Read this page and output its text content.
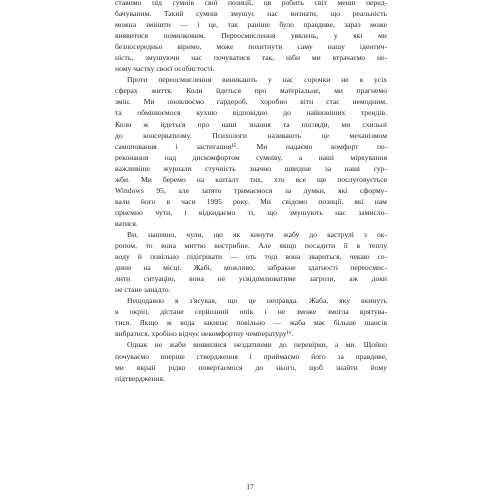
ставимо під сумнів свої позиції, ця робить світ менш перед-
бачуваним. Такий сумнів змушує нас визнати, що реальність
можна змінити — і це, так раніше було правдиве, зараз може
виявитися помилковим. Переосмислення уявлень, у які ми
безпосередньо віримо, може похитнути саму нашу ідентич-
ність, змушуючи нас почуватися так, ніби ми втрачаємо не-
ному частку своєї особистості.
Проти переосмислення виникають у нас сорочки не в усіх
сферах життя. Коли йдеться про матеріальне, ми прагнемо
змін. Ми оновлюємо гардероб, хоробно вітн стає немодним,
та обмінюємося кухню відповідно до найновіших трендів.
Коли ж йдеться про наші знання та погляди, ми схильні
до консерватизму. Психологи називають це механізмом
самоповання і застигання¹⁵. Ми надаємо комфорт пе-
реконання над дискомфортом сумніву, а наші міркування
важливіше журнали стучність значно швидше за наші сур-
жби. Ми беремо на кшталт тих, хто все ще послуговується
Windows 95, але затято тримаємося за думки, які сформу-
вали його в часи 1995 року. Ми свідомо позиції, які нам
приємно чути, і відкидаємо ті, що змушують нас замисло-
ватися.
Ви, напевно, чули, що як кинути жабу до каструлі з ок-
ропом, то вона миттю вистрибне. Але якщо посадити її в теплу
воду й повільно підігрівати — оть тоді вона звариться, чекаю се-
дини на місці. Жабі, можливо, забракне здатності переосмис-
лити ситуацію, вона не усвідомлюватиме загрози, аж доки
не стане занадто.
Нещодавно я з'ясував, що це неправда. Жаба, яку вкинуть
в окріп, дістане серйозний опік і не зможе змогла врятува-
тися. Якщо ж вода закипає повільно — жаба має більше шансів
вибратися, хробіно відчує некомфортну чемпературу¹⁶.
Однак не жаби виявилися нездатними до перевірки, а ми. Щойно
почуваємо вперше ствердження і приймаємо його за правдиве,
ми вкрай рідко повертаємося до нього, щоб знайти йому
підтвердження.
17
